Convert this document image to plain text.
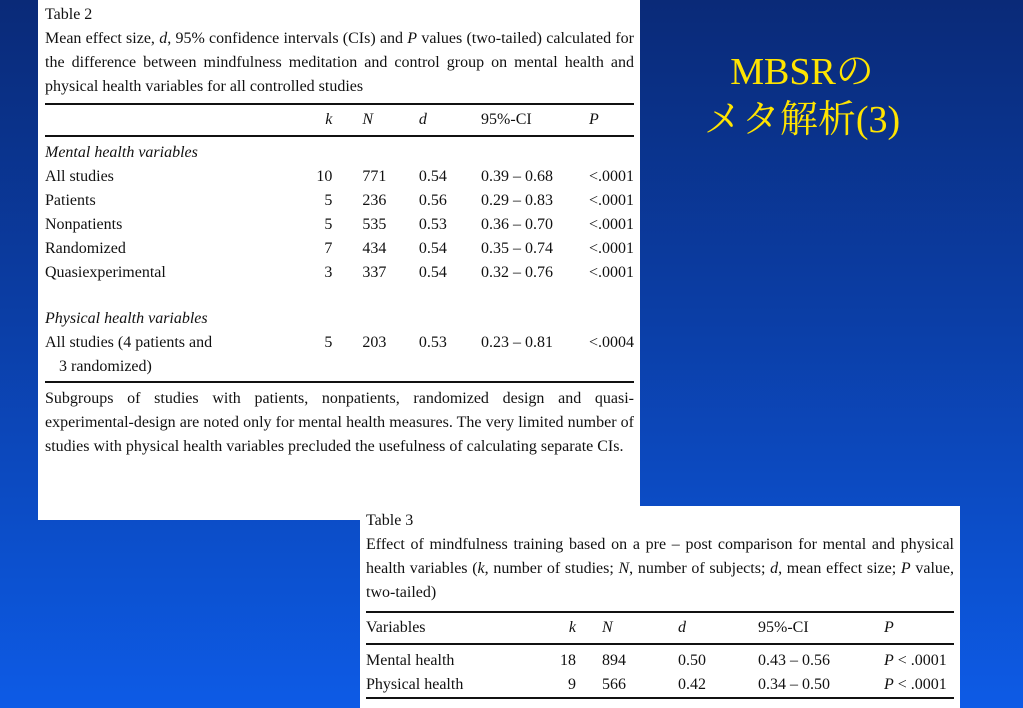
MBSRの
メタ解析(3)

Table 2

Mean effect size, d, 95% confidence intervals (CIs) and P values (two-tailed) calculated for the difference between mindfulness meditation and control group on mental health and physical health variables for all controlled studies

	k	N	d	95%-CI	P
Mental health variables					
All studies	10	771	0.54	0.39 – 0.68	<.0001
Patients	5	236	0.56	0.29 – 0.83	<.0001
Nonpatients	5	535	0.53	0.36 – 0.70	<.0001
Randomized	7	434	0.54	0.35 – 0.74	<.0001
Quasiexperimental	3	337	0.54	0.32 – 0.76	<.0001

Physical health variables					
All studies (4 patients and	5	203	0.53	0.23 – 0.81	<.0004
3 randomized)					

Subgroups of studies with patients, nonpatients, randomized design and quasi-experimental-design are noted only for mental health measures. The very limited number of studies with physical health variables precluded the usefulness of calculating separate CIs.

Table 3

Effect of mindfulness training based on a pre – post comparison for mental and physical health variables (k, number of studies; N, number of subjects; d, mean effect size; P value, two-tailed)

Variables	k	N	d	95%-CI	P
Mental health	18	894	0.50	0.43 – 0.56	P < .0001
Physical health	9	566	0.42	0.34 – 0.50	P < .0001
